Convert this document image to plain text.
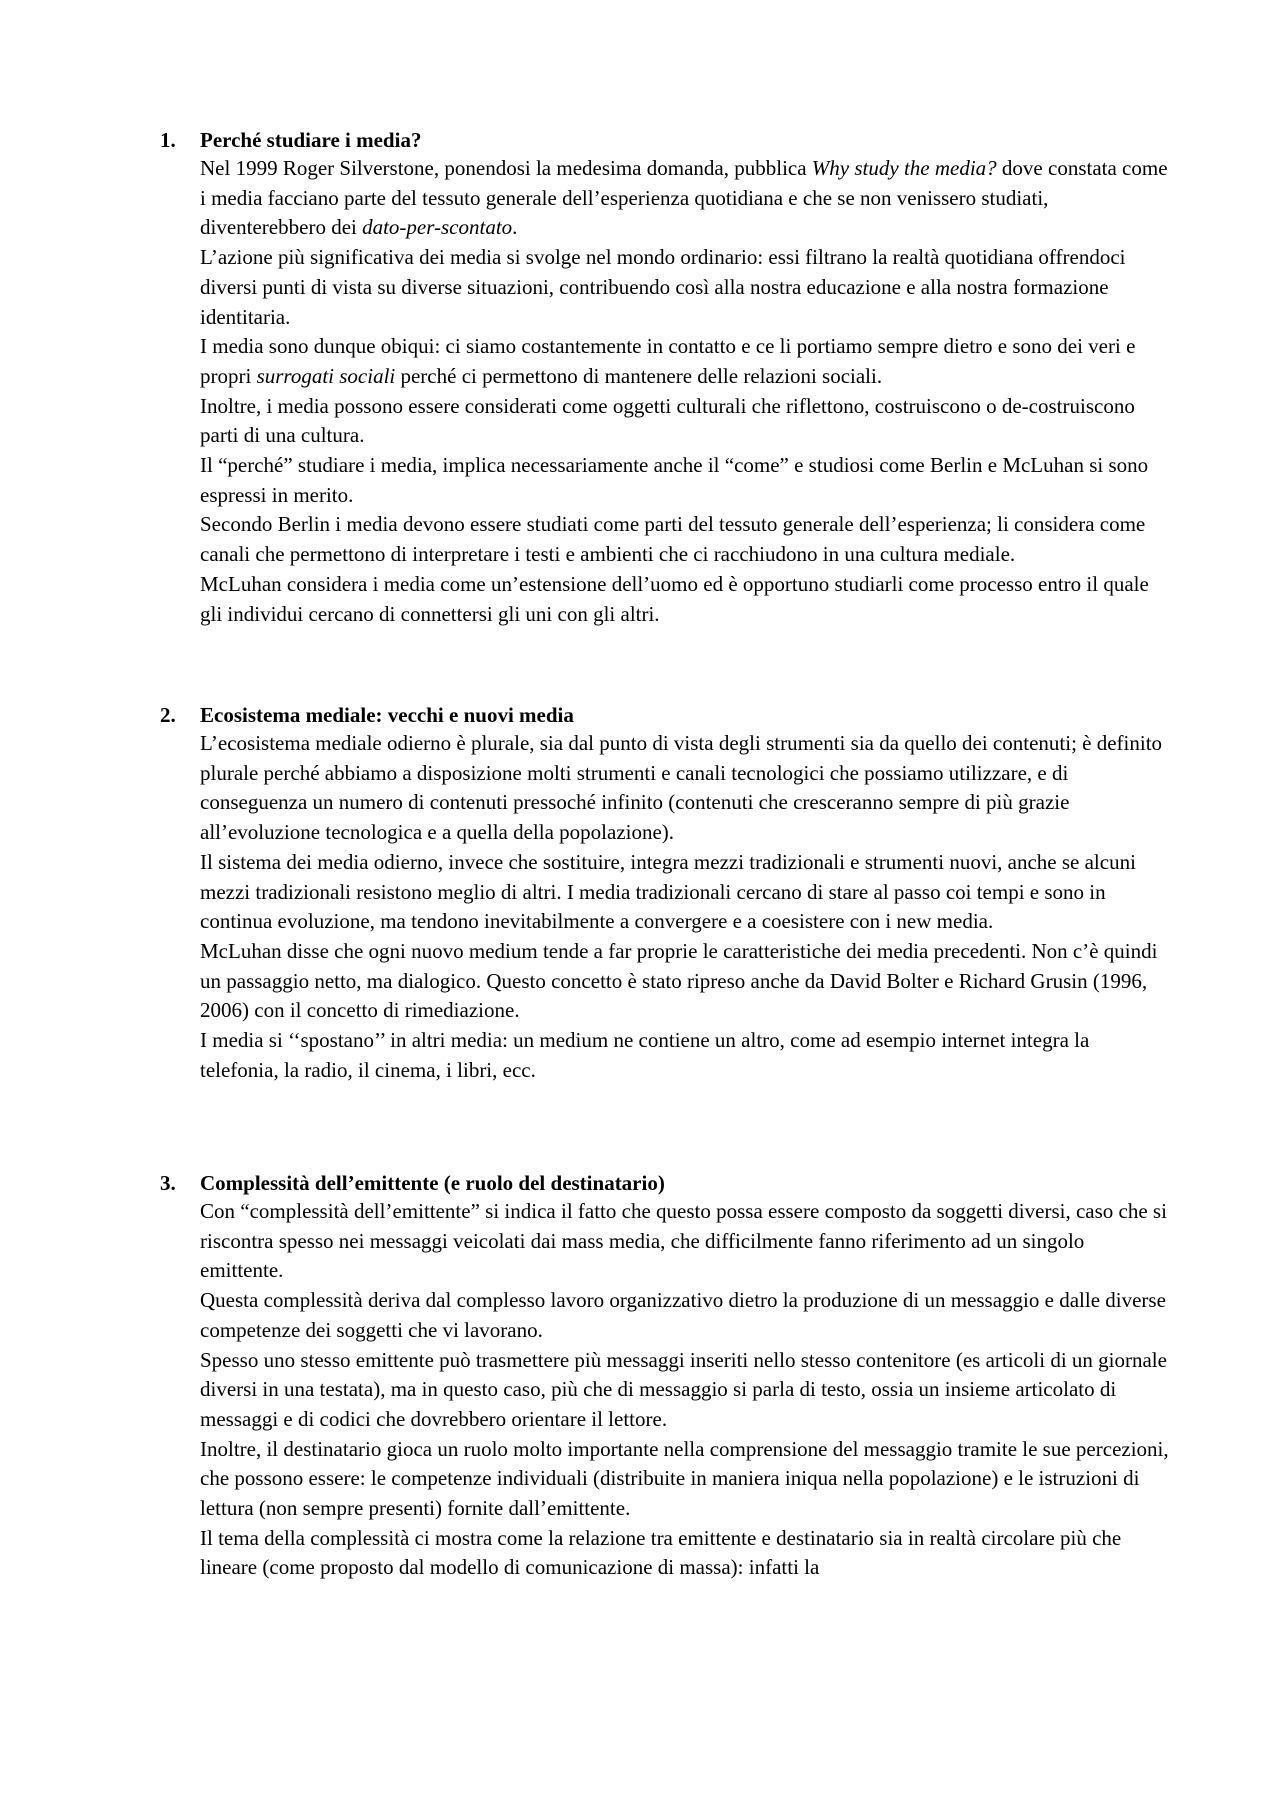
1. Perché studiare i media?

Nel 1999 Roger Silverstone, ponendosi la medesima domanda, pubblica Why study the media? dove constata come i media facciano parte del tessuto generale dell’esperienza quotidiana e che se non venissero studiati, diventerebbero dei dato-per-scontato.

L’azione più significativa dei media si svolge nel mondo ordinario: essi filtrano la realtà quotidiana offrendoci diversi punti di vista su diverse situazioni, contribuendo così alla nostra educazione e alla nostra formazione identitaria.

I media sono dunque obiqui: ci siamo costantemente in contatto e ce li portiamo sempre dietro e sono dei veri e propri surrogati sociali perché ci permettono di mantenere delle relazioni sociali.

Inoltre, i media possono essere considerati come oggetti culturali che riflettono, costruiscono o de-costruiscono parti di una cultura.

Il “perché” studiare i media, implica necessariamente anche il “come” e studiosi come Berlin e McLuhan si sono espressi in merito.

Secondo Berlin i media devono essere studiati come parti del tessuto generale dell’esperienza; li considera come canali che permettono di interpretare i testi e ambienti che ci racchiudono in una cultura mediale.

McLuhan considera i media come un’estensione dell’uomo ed è opportuno studiarli come processo entro il quale gli individui cercano di connettersi gli uni con gli altri.

2. Ecosistema mediale: vecchi e nuovi media

L’ecosistema mediale odierno è plurale, sia dal punto di vista degli strumenti sia da quello dei contenuti; è definito plurale perché abbiamo a disposizione molti strumenti e canali tecnologici che possiamo utilizzare, e di conseguenza un numero di contenuti pressoché infinito (contenuti che cresceranno sempre di più grazie all’evoluzione tecnologica e a quella della popolazione).

Il sistema dei media odierno, invece che sostituire, integra mezzi tradizionali e strumenti nuovi, anche se alcuni mezzi tradizionali resistono meglio di altri. I media tradizionali cercano di stare al passo coi tempi e sono in continua evoluzione, ma tendono inevitabilmente a convergere e a coesistere con i new media.

McLuhan disse che ogni nuovo medium tende a far proprie le caratteristiche dei media precedenti. Non c’è quindi un passaggio netto, ma dialogico. Questo concetto è stato ripreso anche da David Bolter e Richard Grusin (1996, 2006) con il concetto di rimediazione.

I media si ‘‘spostano’’ in altri media: un medium ne contiene un altro, come ad esempio internet integra la telefonia, la radio, il cinema, i libri, ecc.

3. Complessità dell’emittente (e ruolo del destinatario)

Con “complessità dell’emittente” si indica il fatto che questo possa essere composto da soggetti diversi, caso che si riscontra spesso nei messaggi veicolati dai mass media, che difficilmente fanno riferimento ad un singolo emittente.

Questa complessità deriva dal complesso lavoro organizzativo dietro la produzione di un messaggio e dalle diverse competenze dei soggetti che vi lavorano.

Spesso uno stesso emittente può trasmettere più messaggi inseriti nello stesso contenitore (es articoli di un giornale diversi in una testata), ma in questo caso, più che di messaggio si parla di testo, ossia un insieme articolato di messaggi e di codici che dovrebbero orientare il lettore.

Inoltre, il destinatario gioca un ruolo molto importante nella comprensione del messaggio tramite le sue percezioni, che possono essere: le competenze individuali (distribuite in maniera iniqua nella popolazione) e le istruzioni di lettura (non sempre presenti) fornite dall’emittente.

Il tema della complessità ci mostra come la relazione tra emittente e destinatario sia in realtà circolare più che lineare (come proposto dal modello di comunicazione di massa): infatti la
